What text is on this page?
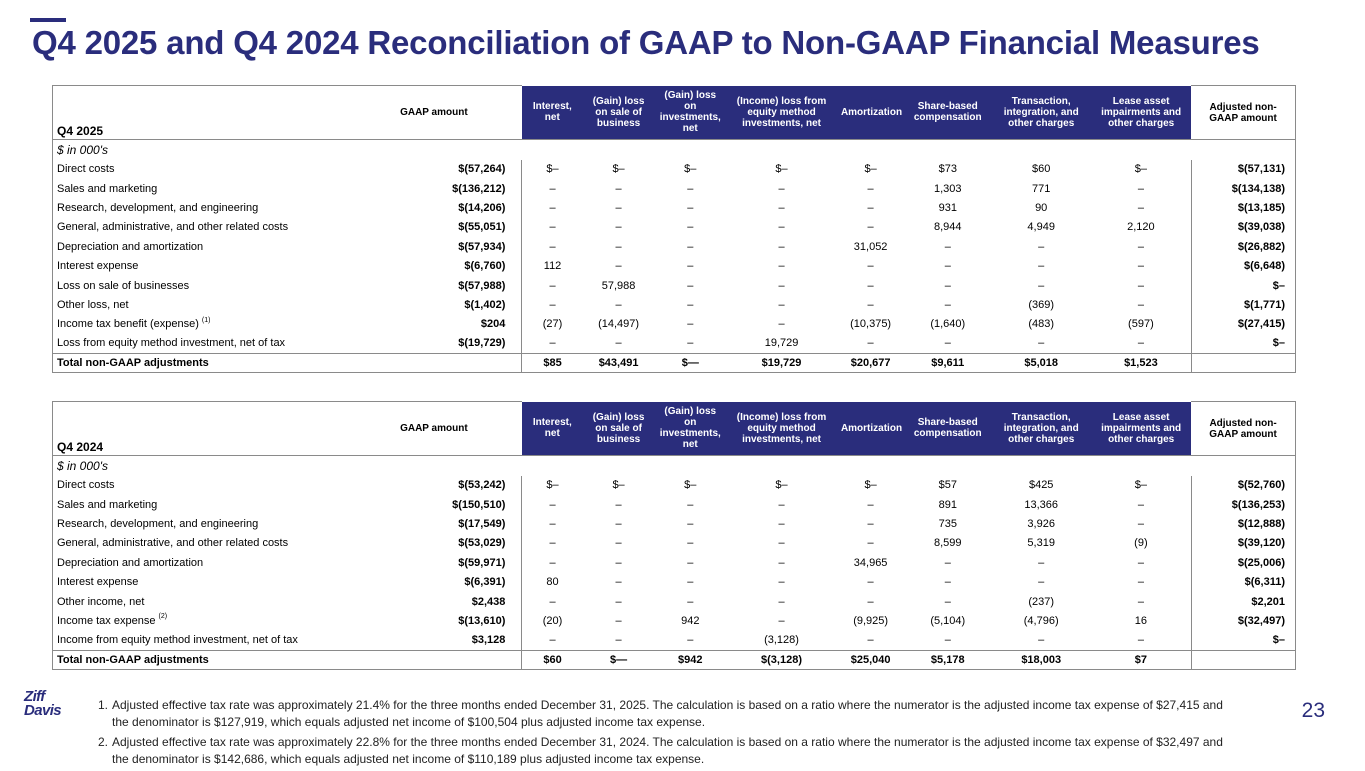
Q4 2025 and Q4 2024 Reconciliation of GAAP to Non-GAAP Financial Measures
Q4 2025	GAAP amount	Interest, net	(Gain) loss on sale of business	(Gain) loss on investments, net	(Income) loss from equity method investments, net	Amortization	Share-based compensation	Transaction, integration, and other charges	Lease asset impairments and other charges	Adjusted non-GAAP amount
$ in 000's										
Direct costs	$(57,264)	$–	$–	$–	$–	$–	$73	$60	$–	$(57,131)
Sales and marketing	$(136,212)	–	–	–	–	–	1,303	771	–	$(134,138)
Research, development, and engineering	$(14,206)	–	–	–	–	–	931	90	–	$(13,185)
General, administrative, and other related costs	$(55,051)	–	–	–	–	–	8,944	4,949	2,120	$(39,038)
Depreciation and amortization	$(57,934)	–	–	–	–	31,052	–	–	–	$(26,882)
Interest expense	$(6,760)	112	–	–	–	–	–	–	–	$(6,648)
Loss on sale of businesses	$(57,988)	–	57,988	–	–	–	–	–	–	$–
Other loss, net	$(1,402)	–	–	–	–	–	–	(369)	–	$(1,771)
Income tax benefit (expense) $^{(1)}$	$204	(27)	(14,497)	–	–	(10,375)	(1,640)	(483)	(597)	$(27,415)
Loss from equity method investment, net of tax	$(19,729)	–	–	–	19,729	–	–	–	–	$–
Total non-GAAP adjustments		$85	$43,491	$—	$19,729	$20,677	$9,611	$5,018	$1,523	
Q4 2024	GAAP amount	Interest, net	(Gain) loss on sale of business	(Gain) loss on investments, net	(Income) loss from equity method investments, net	Amortization	Share-based compensation	Transaction, integration, and other charges	Lease asset impairments and other charges	Adjusted non-GAAP amount
$ in 000's										
Direct costs	$(53,242)	$–	$–	$–	$–	$–	$57	$425	$–	$(52,760)
Sales and marketing	$(150,510)	–	–	–	–	–	891	13,366	–	$(136,253)
Research, development, and engineering	$(17,549)	–	–	–	–	–	735	3,926	–	$(12,888)
General, administrative, and other related costs	$(53,029)	–	–	–	–	–	8,599	5,319	(9)	$(39,120)
Depreciation and amortization	$(59,971)	–	–	–	–	34,965	–	–	–	$(25,006)
Interest expense	$(6,391)	80	–	–	–	–	–	–	–	$(6,311)
Other income, net	$2,438	–	–	–	–	–	–	(237)	–	$2,201
Income tax expense $^{(2)}$	$(13,610)	(20)	–	942	–	(9,925)	(5,104)	(4,796)	16	$(32,497)
Income from equity method investment, net of tax	$3,128	–	–	–	(3,128)	–	–	–	–	$–
Total non-GAAP adjustments		$60	$—	$942	$(3,128)	$25,040	$5,178	$18,003	$7	
Ziff
Davis	1. Adjusted effective tax rate was approximately 21.4% for the three months ended December 31, 2025. The calculation is based on a ratio where the numerator is the adjusted income tax expense of $27,415 and the denominator is $127,919, which equals adjusted net income of $100,504 plus adjusted income tax expense.
2. Adjusted effective tax rate was approximately 22.8% for the three months ended December 31, 2024. The calculation is based on a ratio where the numerator is the adjusted income tax expense of $32,497 and the denominator is $142,686, which equals adjusted net income of $110,189 plus adjusted income tax expense.
23
